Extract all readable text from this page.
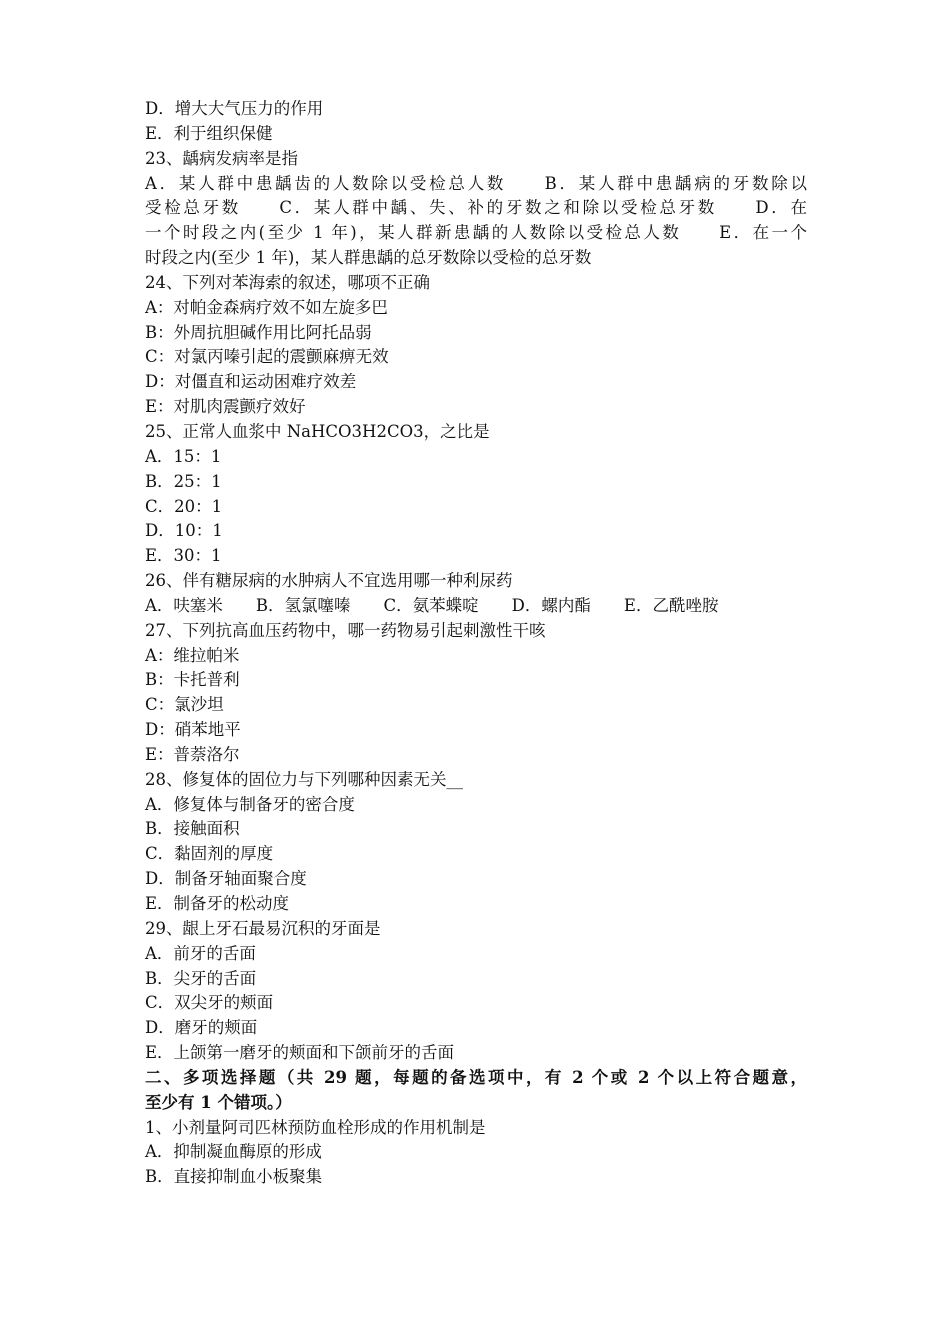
D．增大大气压力的作用
E．利于组织保健
23、龋病发病率是指
A．某人群中患龋齿的人数除以受检总人数　　B．某人群中患龋病的牙数除以
受检总牙数　　C．某人群中龋、失、补的牙数之和除以受检总牙数　　D．在
一个时段之内(至少 1 年)，某人群新患龋的人数除以受检总人数　　E．在一个
时段之内(至少 1 年)，某人群患龋的总牙数除以受检的总牙数
24、下列对苯海索的叙述，哪项不正确
A：对帕金森病疗效不如左旋多巴
B：外周抗胆碱作用比阿托品弱
C：对氯丙嗪引起的震颤麻痹无效
D：对僵直和运动困难疗效差
E：对肌肉震颤疗效好
25、正常人血浆中 NaHCO3H2CO3，之比是
A．15：1
B．25：1
C．20：1
D．10：1
E．30：1
26、伴有糖尿病的水肿病人不宜选用哪一种利尿药
A．呋塞米　　B．氢氯噻嗪　　C．氨苯蝶啶　　D．螺内酯　　E．乙酰唑胺
27、下列抗高血压药物中，哪一药物易引起刺激性干咳
A：维拉帕米
B：卡托普利
C：氯沙坦
D：硝苯地平
E：普萘洛尔
28、修复体的固位力与下列哪种因素无关__
A．修复体与制备牙的密合度
B．接触面积
C．黏固剂的厚度
D．制备牙轴面聚合度
E．制备牙的松动度
29、龈上牙石最易沉积的牙面是
A．前牙的舌面
B．尖牙的舌面
C．双尖牙的颊面
D．磨牙的颊面
E．上颌第一磨牙的颊面和下颌前牙的舌面
二、多项选择题（共 29 题，每题的备选项中，有 2 个或 2 个以上符合题意，
至少有 1 个错项。）
1、小剂量阿司匹林预防血栓形成的作用机制是
A．抑制凝血酶原的形成
B．直接抑制血小板聚集
